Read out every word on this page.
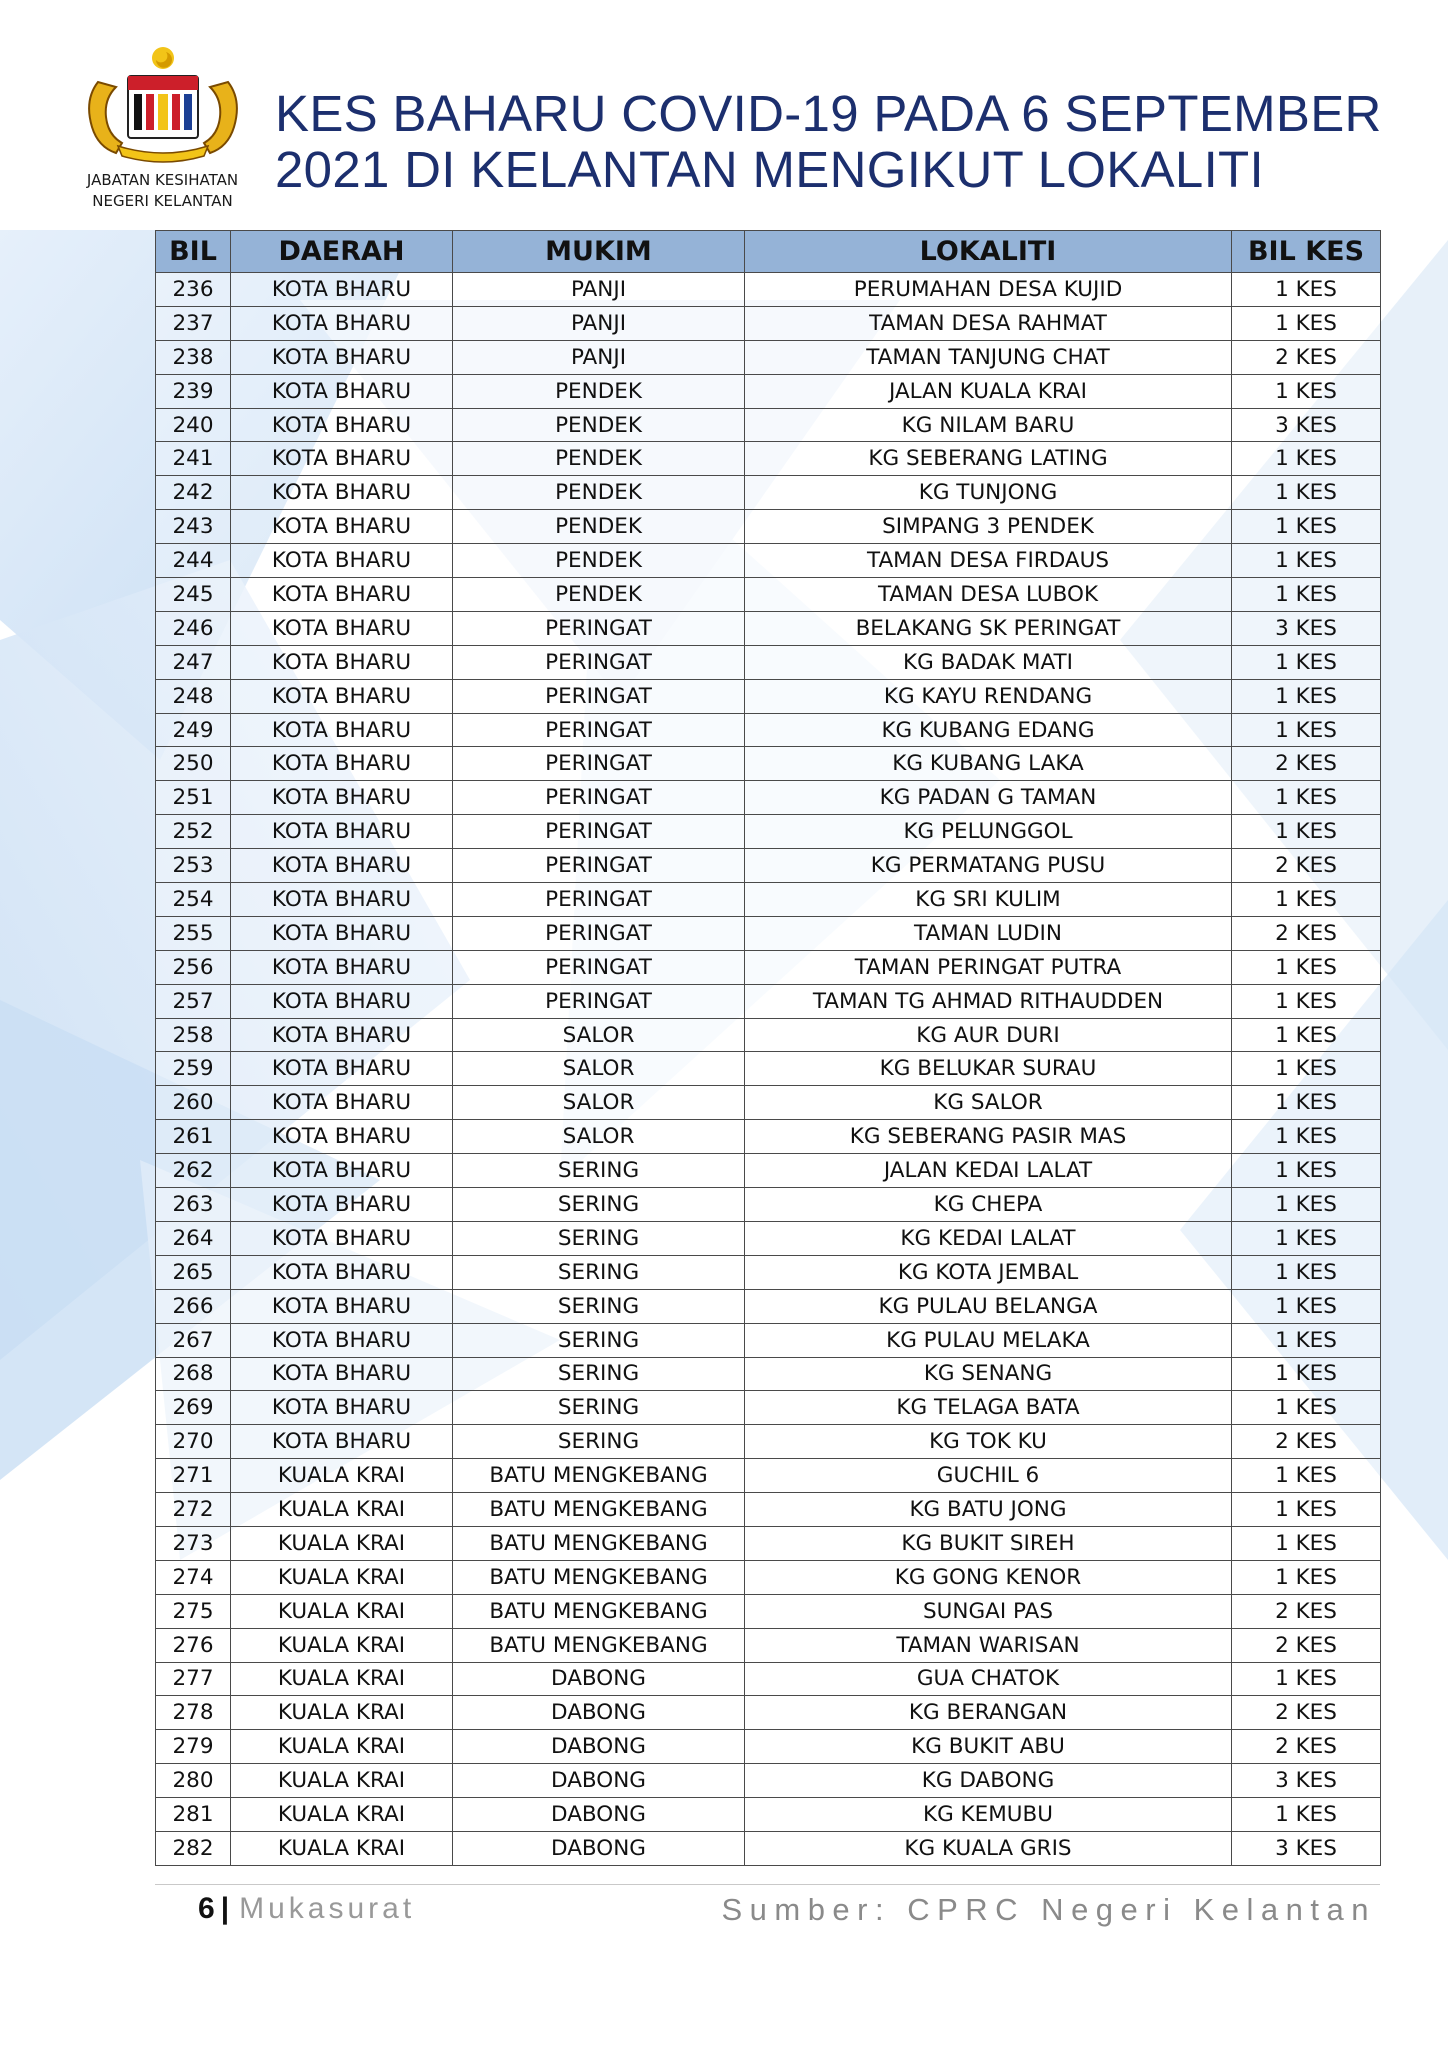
JABATAN KESIHATAN
NEGERI KELANTAN
KES BAHARU COVID-19 PADA 6 SEPTEMBER
2021 DI KELANTAN MENGIKUT LOKALITI
BIL	DAERAH	MUKIM	LOKALITI	BIL KES
236	KOTA BHARU	PANJI	PERUMAHAN DESA KUJID	1 KES
237	KOTA BHARU	PANJI	TAMAN DESA RAHMAT	1 KES
238	KOTA BHARU	PANJI	TAMAN TANJUNG CHAT	2 KES
239	KOTA BHARU	PENDEK	JALAN KUALA KRAI	1 KES
240	KOTA BHARU	PENDEK	KG NILAM BARU	3 KES
241	KOTA BHARU	PENDEK	KG SEBERANG LATING	1 KES
242	KOTA BHARU	PENDEK	KG TUNJONG	1 KES
243	KOTA BHARU	PENDEK	SIMPANG 3 PENDEK	1 KES
244	KOTA BHARU	PENDEK	TAMAN DESA FIRDAUS	1 KES
245	KOTA BHARU	PENDEK	TAMAN DESA LUBOK	1 KES
246	KOTA BHARU	PERINGAT	BELAKANG SK PERINGAT	3 KES
247	KOTA BHARU	PERINGAT	KG BADAK MATI	1 KES
248	KOTA BHARU	PERINGAT	KG KAYU RENDANG	1 KES
249	KOTA BHARU	PERINGAT	KG KUBANG EDANG	1 KES
250	KOTA BHARU	PERINGAT	KG KUBANG LAKA	2 KES
251	KOTA BHARU	PERINGAT	KG PADAN G TAMAN	1 KES
252	KOTA BHARU	PERINGAT	KG PELUNGGOL	1 KES
253	KOTA BHARU	PERINGAT	KG PERMATANG PUSU	2 KES
254	KOTA BHARU	PERINGAT	KG SRI KULIM	1 KES
255	KOTA BHARU	PERINGAT	TAMAN LUDIN	2 KES
256	KOTA BHARU	PERINGAT	TAMAN PERINGAT PUTRA	1 KES
257	KOTA BHARU	PERINGAT	TAMAN TG AHMAD RITHAUDDEN	1 KES
258	KOTA BHARU	SALOR	KG AUR DURI	1 KES
259	KOTA BHARU	SALOR	KG BELUKAR SURAU	1 KES
260	KOTA BHARU	SALOR	KG SALOR	1 KES
261	KOTA BHARU	SALOR	KG SEBERANG PASIR MAS	1 KES
262	KOTA BHARU	SERING	JALAN KEDAI LALAT	1 KES
263	KOTA BHARU	SERING	KG CHEPA	1 KES
264	KOTA BHARU	SERING	KG KEDAI LALAT	1 KES
265	KOTA BHARU	SERING	KG KOTA JEMBAL	1 KES
266	KOTA BHARU	SERING	KG PULAU BELANGA	1 KES
267	KOTA BHARU	SERING	KG PULAU MELAKA	1 KES
268	KOTA BHARU	SERING	KG SENANG	1 KES
269	KOTA BHARU	SERING	KG TELAGA BATA	1 KES
270	KOTA BHARU	SERING	KG TOK KU	2 KES
271	KUALA KRAI	BATU MENGKEBANG	GUCHIL 6	1 KES
272	KUALA KRAI	BATU MENGKEBANG	KG BATU JONG	1 KES
273	KUALA KRAI	BATU MENGKEBANG	KG BUKIT SIREH	1 KES
274	KUALA KRAI	BATU MENGKEBANG	KG GONG KENOR	1 KES
275	KUALA KRAI	BATU MENGKEBANG	SUNGAI PAS	2 KES
276	KUALA KRAI	BATU MENGKEBANG	TAMAN WARISAN	2 KES
277	KUALA KRAI	DABONG	GUA CHATOK	1 KES
278	KUALA KRAI	DABONG	KG BERANGAN	2 KES
279	KUALA KRAI	DABONG	KG BUKIT ABU	2 KES
280	KUALA KRAI	DABONG	KG DABONG	3 KES
281	KUALA KRAI	DABONG	KG KEMUBU	1 KES
282	KUALA KRAI	DABONG	KG KUALA GRIS	3 KES
6 | Mukasurat	Sumber: CPRC Negeri Kelantan
